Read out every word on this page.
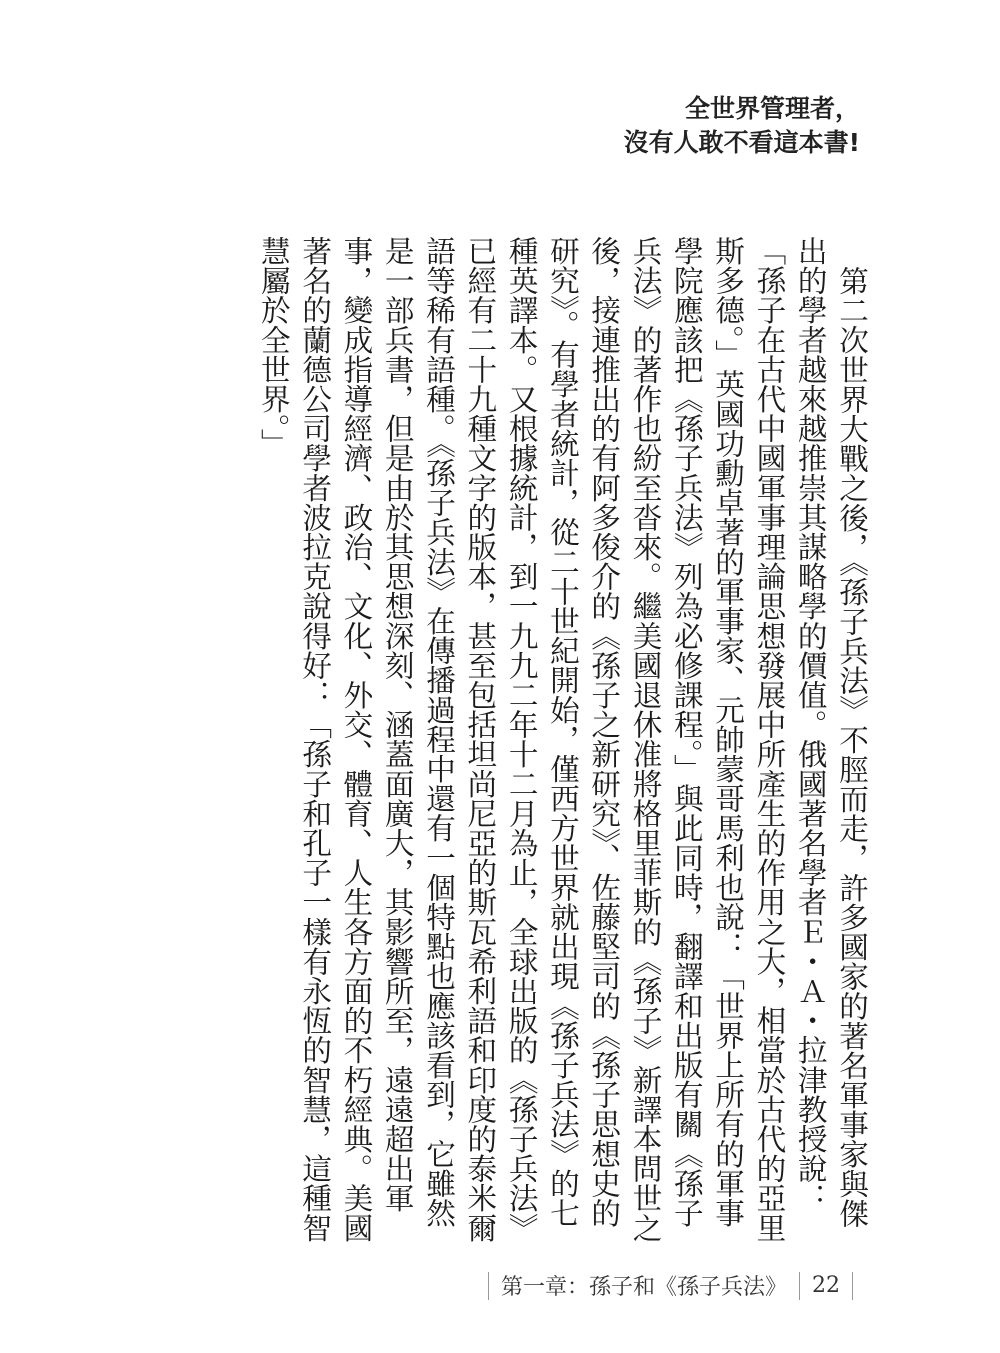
全世界管理者，
沒有人敢不看這本書!

第二次世界大戰之後，《孫子兵法》不脛而走，許多國家的著名軍事家與傑出的學者越來越推崇其謀略學的價值。俄國著名學者Ｅ・Ａ・拉津教授說：「孫子在古代中國軍事理論思想發展中所產生的作用之大，相當於古代的亞里斯多德。」英國功勳卓著的軍事家、元帥蒙哥馬利也說：「世界上所有的軍事學院應該把《孫子兵法》列為必修課程。」與此同時，翻譯和出版有關《孫子兵法》的著作也紛至沓來。繼美國退休准將格里菲斯的《孫子》新譯本問世之後，接連推出的有阿多俊介的《孫子之新研究》、佐藤堅司的《孫子思想史的研究》。有學者統計，從二十世紀開始，僅西方世界就出現《孫子兵法》的七種英譯本。又根據統計，到一九九二年十二月為止，全球出版的《孫子兵法》已經有二十九種文字的版本，甚至包括坦尚尼亞的斯瓦希利語和印度的泰米爾語等稀有語種。《孫子兵法》在傳播過程中還有一個特點也應該看到，它雖然是一部兵書，但是由於其思想深刻、涵蓋面廣大，其影響所至，遠遠超出軍事，變成指導經濟、政治、文化、外交、體育、人生各方面的不朽經典。美國著名的蘭德公司學者波拉克說得好：「孫子和孔子一樣有永恆的智慧，這種智慧屬於全世界。」

第一章：孫子和《孫子兵法》 22
